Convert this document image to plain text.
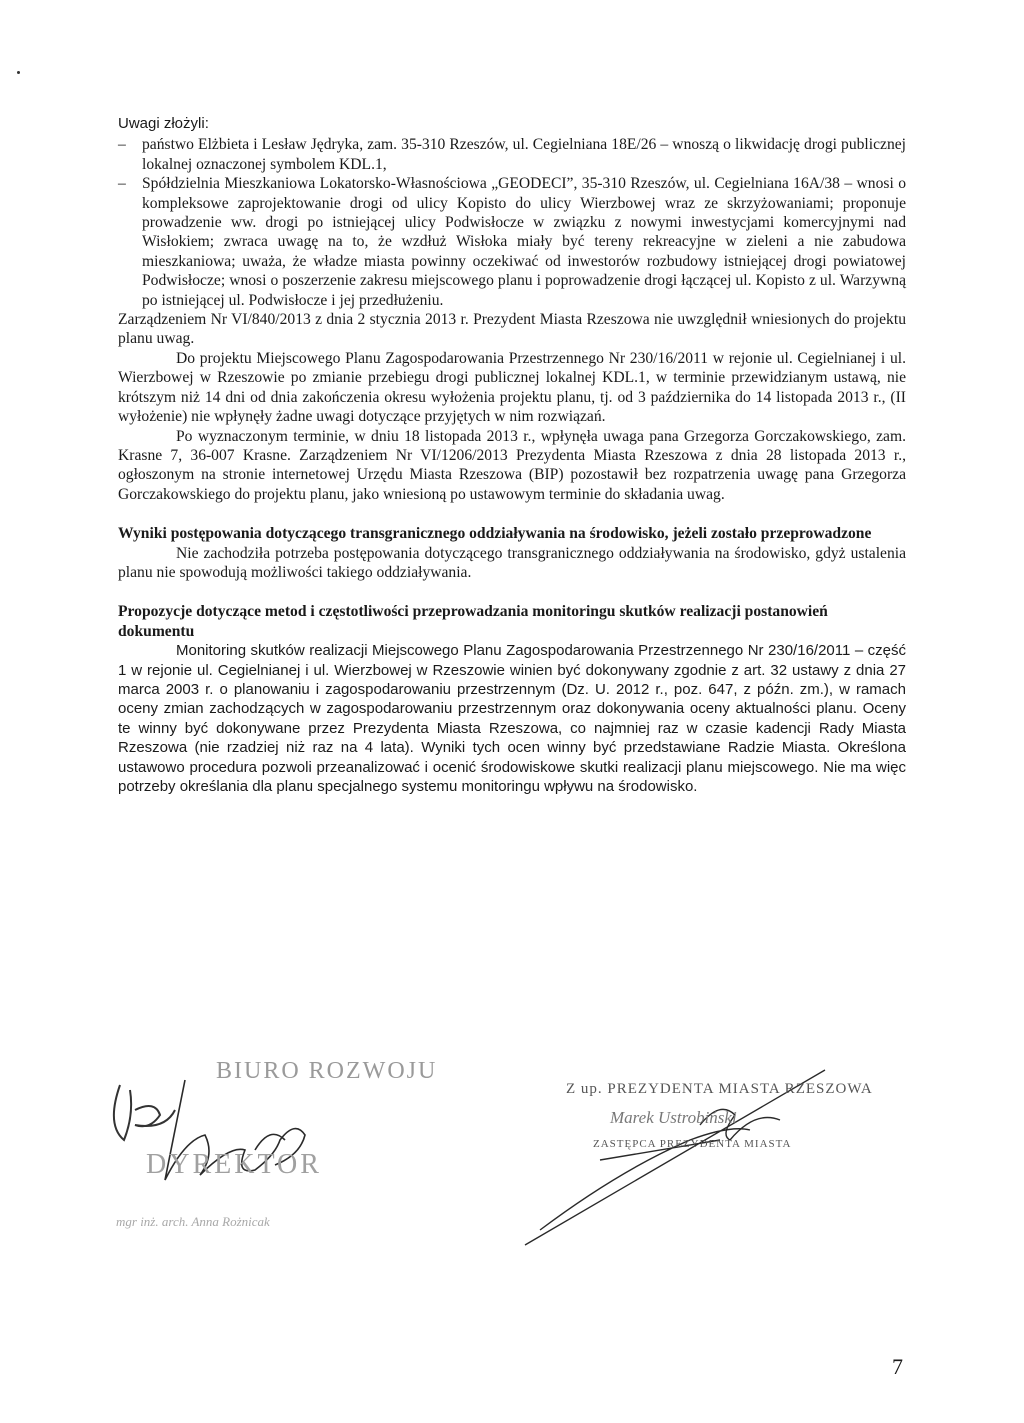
Uwagi złożyli:
–	państwo Elżbieta i Lesław Jędryka, zam. 35-310 Rzeszów, ul. Cegielniana 18E/26 – wnoszą o likwidację drogi publicznej lokalnej oznaczonej symbolem KDL.1,
–	Spółdzielnia Mieszkaniowa Lokatorsko-Własnościowa „GEODECI”, 35-310 Rzeszów, ul. Cegielniana 16A/38 – wnosi o kompleksowe zaprojektowanie drogi od ulicy Kopisto do ulicy Wierzbowej wraz ze skrzyżowaniami; proponuje prowadzenie ww. drogi po istniejącej ulicy Podwisłocze w związku z nowymi inwestycjami komercyjnymi nad Wisłokiem; zwraca uwagę na to, że wzdłuż Wisłoka miały być tereny rekreacyjne w zieleni a nie zabudowa mieszkaniowa; uważa, że władze miasta powinny oczekiwać od inwestorów rozbudowy istniejącej drogi powiatowej Podwisłocze; wnosi o poszerzenie zakresu miejscowego planu i poprowadzenie drogi łączącej ul. Kopisto z ul. Warzywną po istniejącej ul. Podwisłocze i jej przedłużeniu.

Zarządzeniem Nr VI/840/2013 z dnia 2 stycznia 2013 r. Prezydent Miasta Rzeszowa nie uwzględnił wniesionych do projektu planu uwag.

Do projektu Miejscowego Planu Zagospodarowania Przestrzennego Nr 230/16/2011 w rejonie ul. Cegielnianej i ul. Wierzbowej w Rzeszowie po zmianie przebiegu drogi publicznej lokalnej KDL.1, w terminie przewidzianym ustawą, nie krótszym niż 14 dni od dnia zakończenia okresu wyłożenia projektu planu, tj. od 3 października do 14 listopada 2013 r., (II wyłożenie) nie wpłynęły żadne uwagi dotyczące przyjętych w nim rozwiązań.

Po wyznaczonym terminie, w dniu 18 listopada 2013 r., wpłynęła uwaga pana Grzegorza Gorczakowskiego, zam. Krasne 7, 36-007 Krasne. Zarządzeniem Nr VI/1206/2013 Prezydenta Miasta Rzeszowa z dnia 28 listopada 2013 r., ogłoszonym na stronie internetowej Urzędu Miasta Rzeszowa (BIP) pozostawił bez rozpatrzenia uwagę pana Grzegorza Gorczakowskiego do projektu planu, jako wniesioną po ustawowym terminie do składania uwag.

Wyniki postępowania dotyczącego transgranicznego oddziaływania na środowisko, jeżeli zostało przeprowadzone

Nie zachodziła potrzeba postępowania dotyczącego transgranicznego oddziaływania na środowisko, gdyż ustalenia planu nie spowodują możliwości takiego oddziaływania.

Propozycje dotyczące metod i częstotliwości przeprowadzania monitoringu skutków realizacji postanowień dokumentu

Monitoring skutków realizacji Miejscowego Planu Zagospodarowania Przestrzennego Nr 230/16/2011 – część 1 w rejonie ul. Cegielnianej i ul. Wierzbowej w Rzeszowie winien być dokonywany zgodnie z art. 32 ustawy z dnia 27 marca 2003 r. o planowaniu i zagospodarowaniu przestrzennym (Dz. U. 2012 r., poz. 647, z późn. zm.), w ramach oceny zmian zachodzących w zagospodarowaniu przestrzennym oraz dokonywania oceny aktualności planu. Oceny te winny być dokonywane przez Prezydenta Miasta Rzeszowa, co najmniej raz w czasie kadencji Rady Miasta Rzeszowa (nie rzadziej niż raz na 4 lata). Wyniki tych ocen winny być przedstawiane Radzie Miasta. Określona ustawowo procedura pozwoli przeanalizować i ocenić środowiskowe skutki realizacji planu miejscowego. Nie ma więc potrzeby określania dla planu specjalnego systemu monitoringu wpływu na środowisko.

BIURO ROZWOJU
DYREKTOR
mgr inż. arch. Anna Rożnicak
Z up. PREZYDENTA MIASTA RZESZOWA
Marek Ustrobiński
ZASTĘPCA PREZYDENTA MIASTA
7
